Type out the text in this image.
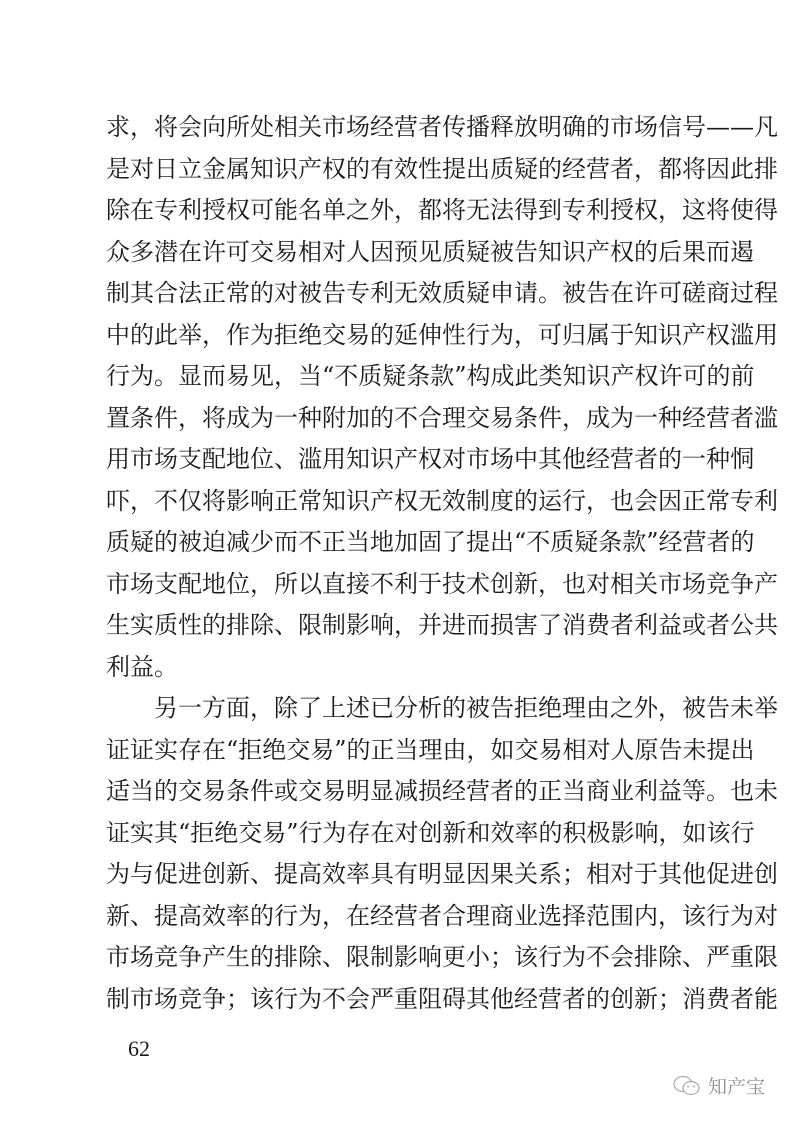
求，将会向所处相关市场经营者传播释放明确的市场信号——凡
是对日立金属知识产权的有效性提出质疑的经营者，都将因此排
除在专利授权可能名单之外，都将无法得到专利授权，这将使得
众多潜在许可交易相对人因预见质疑被告知识产权的后果而遏
制其合法正常的对被告专利无效质疑申请。被告在许可磋商过程
中的此举，作为拒绝交易的延伸性行为，可归属于知识产权滥用
行为。显而易见，当“不质疑条款”构成此类知识产权许可的前
置条件，将成为一种附加的不合理交易条件，成为一种经营者滥
用市场支配地位、滥用知识产权对市场中其他经营者的一种恫
吓，不仅将影响正常知识产权无效制度的运行，也会因正常专利
质疑的被迫减少而不正当地加固了提出“不质疑条款”经营者的
市场支配地位，所以直接不利于技术创新，也对相关市场竞争产
生实质性的排除、限制影响，并进而损害了消费者利益或者公共
利益。
另一方面，除了上述已分析的被告拒绝理由之外，被告未举
证证实存在“拒绝交易”的正当理由，如交易相对人原告未提出
适当的交易条件或交易明显减损经营者的正当商业利益等。也未
证实其“拒绝交易”行为存在对创新和效率的积极影响，如该行
为与促进创新、提高效率具有明显因果关系；相对于其他促进创
新、提高效率的行为，在经营者合理商业选择范围内，该行为对
市场竞争产生的排除、限制影响更小；该行为不会排除、严重限
制市场竞争；该行为不会严重阻碍其他经营者的创新；消费者能
62
知产宝
